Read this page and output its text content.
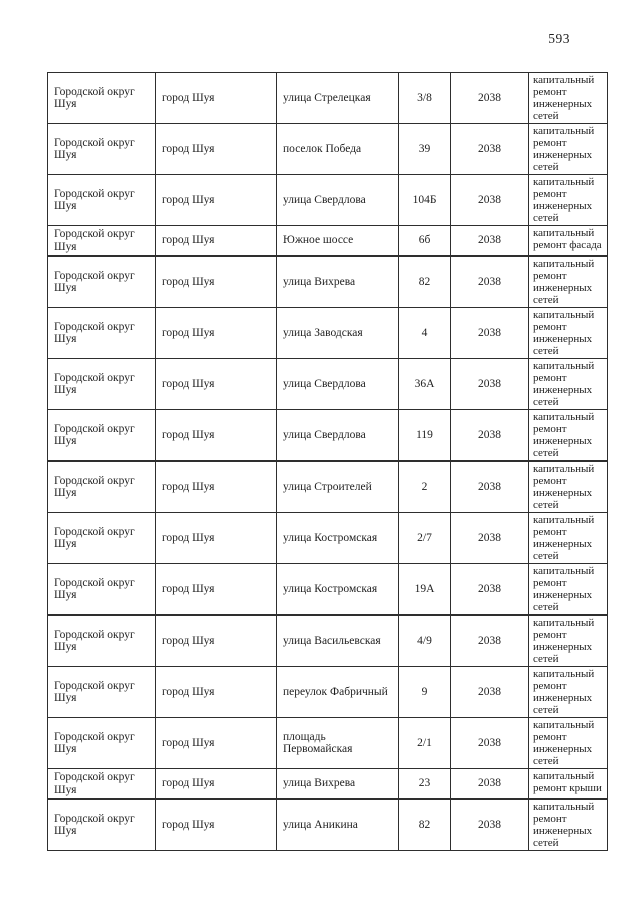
593
Городской округ Шуя	город Шуя	улица Стрелецкая	3/8	2038	капитальный ремонт инженерных сетей
Городской округ Шуя	город Шуя	поселок Победа	39	2038	капитальный ремонт инженерных сетей
Городской округ Шуя	город Шуя	улица Свердлова	104Б	2038	капитальный ремонт инженерных сетей
Городской округ Шуя	город Шуя	Южное шоссе	6б	2038	капитальный ремонт фасада
Городской округ Шуя	город Шуя	улица Вихрева	82	2038	капитальный ремонт инженерных сетей
Городской округ Шуя	город Шуя	улица Заводская	4	2038	капитальный ремонт инженерных сетей
Городской округ Шуя	город Шуя	улица Свердлова	36А	2038	капитальный ремонт инженерных сетей
Городской округ Шуя	город Шуя	улица Свердлова	119	2038	капитальный ремонт инженерных сетей
Городской округ Шуя	город Шуя	улица Строителей	2	2038	капитальный ремонт инженерных сетей
Городской округ Шуя	город Шуя	улица Костромская	2/7	2038	капитальный ремонт инженерных сетей
Городской округ Шуя	город Шуя	улица Костромская	19А	2038	капитальный ремонт инженерных сетей
Городской округ Шуя	город Шуя	улица Васильевская	4/9	2038	капитальный ремонт инженерных сетей
Городской округ Шуя	город Шуя	переулок Фабричный	9	2038	капитальный ремонт инженерных сетей
Городской округ Шуя	город Шуя	площадь Первомайская	2/1	2038	капитальный ремонт инженерных сетей
Городской округ Шуя	город Шуя	улица Вихрева	23	2038	капитальный ремонт крыши
Городской округ Шуя	город Шуя	улица Аникина	82	2038	капитальный ремонт инженерных сетей
